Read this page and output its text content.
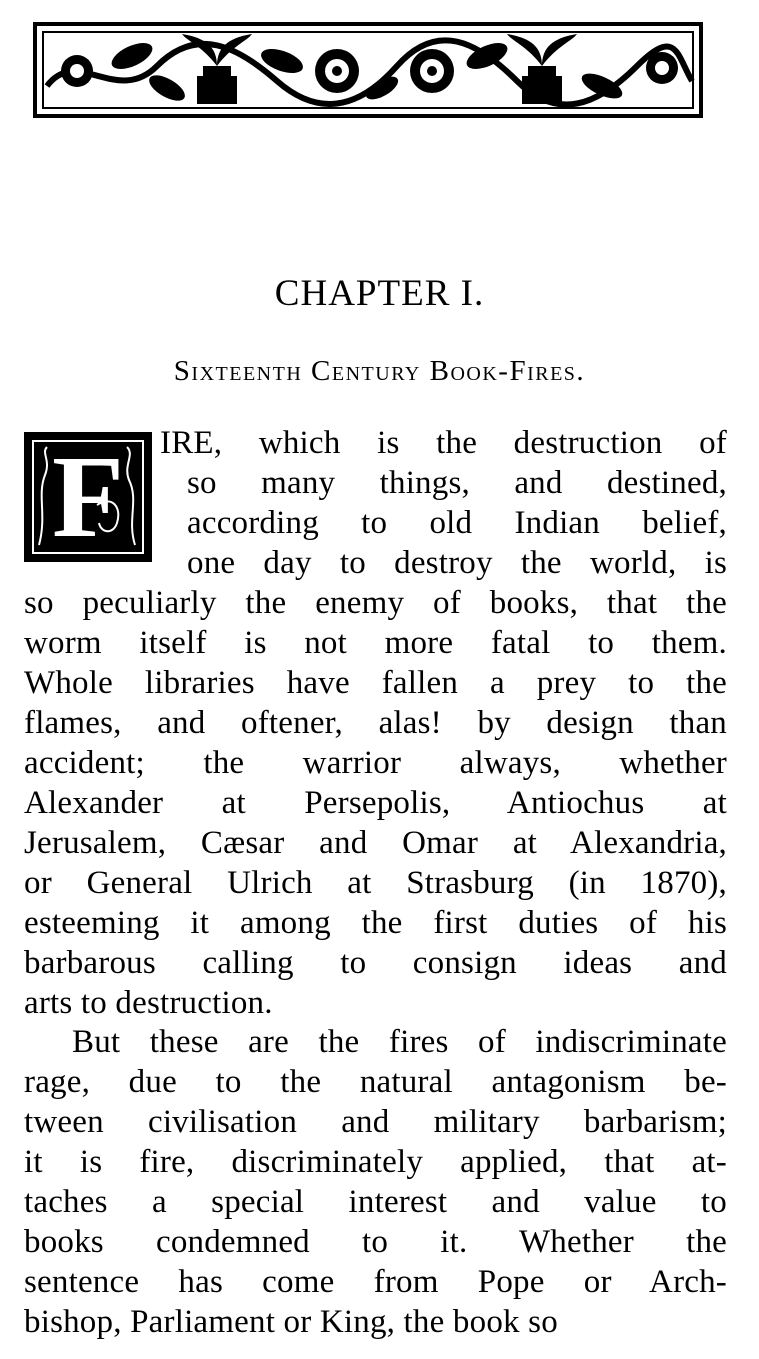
CHAPTER I.
Sixteenth Century Book-Fires.
F	IRE, which is the destruction of
so many things, and destined,
according to old Indian belief,
one day to destroy the world, is
so peculiarly the enemy of books, that the
worm itself is not more fatal to them.
Whole libraries have fallen a prey to the
flames, and oftener, alas! by design than
accident; the warrior always, whether
Alexander at Persepolis, Antiochus at
Jerusalem, Cæsar and Omar at Alexandria,
or General Ulrich at Strasburg (in 1870),
esteeming it among the first duties of his
barbarous calling to consign ideas and
arts to destruction.
But these are the fires of indiscriminate
rage, due to the natural antagonism be-
tween civilisation and military barbarism;
it is fire, discriminately applied, that at-
taches a special interest and value to
books condemned to it. Whether the
sentence has come from Pope or Arch-
bishop, Parliament or King, the book so
